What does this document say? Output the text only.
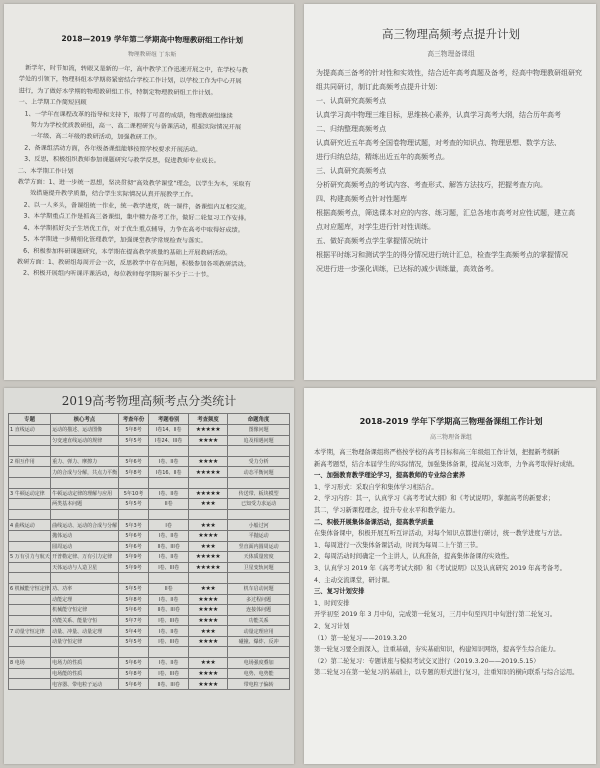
2018—2019 学年第二学期高中物理教研组工作计划
物理教研组 丁东斯

　新学年，时节如流，转眼又是新的一年，高中教学工作迅速开展之中，在学校与教

学处的引领下，物理科组本学期将紧密结合学校工作计划，以学校工作为中心开展

进行，为了做好本学期的物理教研组工作，特制定物理教研组工作计划。

一、上学期工作简短回顾

　1、一学年在课程改革的指导和支持下，取得了可喜的成绩，物理教研组继续

　　努力为学校优质教研组，高一、高二课程研究与备课活动，根据实际情况开展

　　一年级、高二年级的教研活动，加强教研工作。

　2、备课组活动方面，各年级备课组能够按照学校要求开展活动。

　3、反思，积极组织教师参加课题研究与教学反思，促进教师专业成长。

二、本学期工作计划

教学方面：1、进一步统一思想，坚决贯彻“高效教学课堂”理念，以学生为本，采取有

　　效措施提升教学质量，结合学生实际情况认真开展教学工作。

　2、以一人多头，备课组统一作业，统一教学进度，统一课件，备课组内互相交流。

　3、本学期重点工作是抓高三备课组，集中精力备考工作，做好二轮复习工作安排。

　4、本学期抓好尖子生培优工作，对于优生重点辅导，力争在高考中取得好成绩。

　5、本学期进一步精细化管理教学，加强课堂教学常规检查与落实。

　6、积极参加科研课题研究，本学期在提高教学质量的基础上开展教研活动。

教研方面：1、教研组每周开会一次，反思教学中存在问题，积极参加各项教研活动。

　2、积极开展组内听课评课活动，每位教师每学期听课不少于二十节。

高三物理高频考点提升计划
高三物理备课组

为提高高三备考的针对性和实效性，结合近年高考真题及备考，经高中物理教研组研究

组共同研讨，制订此高频考点提升计划：

一、认真研究高频考点

认真学习高中物理三维目标，思维核心素养，认真学习高考大纲，结合历年高考

二、归纳整理高频考点

认真研究近五年高考全国卷物理试题，对考查的知识点、物理思想、数学方法、

进行归纳总结，精练出近五年的高频考点。

三、认真研究高频考点

分析研究高频考点的考试内容、考查形式、解答方法技巧，把握考查方向。

四、构建高频考点针对性题库

根据高频考点，筛选课本对应的内容、练习题，汇总各地市高考对应性试题，建立高

点对应题库，对学生进行针对性训练。

五、做好高频考点学生掌握情况统计

根据平时练习和测试学生的得分情况进行统计汇总，检查学生高频考点的掌握情况

况进行进一步强化训练，已达标的减少训练量，高效备考。

2019高考物理高频考点分类统计
专题	核心考点	考查年份	考题卷别	考查频度	命题角度
1 直线运动	运动的描述、运动图像	5年8考	I卷14、II卷	★★★★★	图像问题
	匀变速直线运动的规律	5年5考	I卷24、III卷	★★★★	追及相遇问题

2 相互作用	重力、弹力、摩擦力	5年6考	I卷、II卷	★★★★	受力分析
	力的合成与分解，共点力平衡	5年8考	I卷16、II卷	★★★★★	动态平衡问题

3 牛顿运动定律	牛顿运动定律的理解与应用	5年10考	I卷、II卷	★★★★★	传送带、板块模型
	两类基本问题	5年5考	II卷	★★★	已知受力求运动

4 曲线运动	曲线运动、运动的合成与分解	5年3考	I卷	★★★	小船过河
	抛体运动	5年6考	I卷、II卷	★★★★	平抛运动
	圆周运动	5年6考	II卷、III卷	★★★	竖直面内圆周运动
5 万有引力与航天	开普勒定律、万有引力定律	5年9考	I卷、II卷	★★★★★	天体质量密度
	天体运动与人造卫星	5年9考	I卷、III卷	★★★★★	卫星变轨问题

6 机械能守恒定律	功、功率	5年5考	II卷	★★★	机车启动问题
	动能定理	5年8考	I卷、II卷	★★★★	多过程问题
	机械能守恒定律	5年6考	II卷、III卷	★★★★	连接体问题
	功能关系、能量守恒	5年7考	I卷、III卷	★★★★	功能关系
7 动量守恒定律	动量、冲量、动量定理	5年4考	I卷、II卷	★★★	动量定理应用
	动量守恒定律	5年5考	I卷、III卷	★★★★	碰撞、爆炸、反冲

8 电场	电场力的性质	5年6考	I卷、II卷	★★★	电场强度叠加
	电场能的性质	5年8考	I卷、III卷	★★★★	电势、电势能
	电容器、带电粒子运动	5年6考	II卷、III卷	★★★★	带电粒子偏转
2018-2019 学年下学期高三物理备课组工作计划
高三物理备课组

本学期，高三物理备课组将严格按学校的高考目标和高三年级组工作计划，把握新考纲新

新高考题型，结合本届学生的实际情况，加强集体备课，提高复习效率，力争高考取得好成绩。

一、加强教育教学理论学习，提高教师的专业综合素养

1、学习形式：采取自学和集体学习相结合。

2、学习内容：其一，认真学习《高考考试大纲》和《考试说明》，掌握高考的新要求；

其二，学习新课程理念，提升专业水平和教学能力。

二、积极开展集体备课活动，提高教学质量

在集体备课中，积极开展互听互评活动，对每个知识点都进行研讨，统一教学进度与方法。

1、每周进行一次集体备课活动，时间为每周二上午第三节。

2、每周活动时间确定一个主讲人，认真准备，提高集体备课的实效性。

3、认真学习 2019 年《高考考试大纲》和《考试说明》以及认真研究 2019 年高考备考。

4、主动交流课堂，研讨课。

三、复习计划安排

1、时间安排

开学初至 2019 年 3 月中旬，完成第一轮复习，三月中旬至四月中旬进行第二轮复习。

2、复习计划

（1）第一轮复习——2019.3.20

第一轮复习要全面深入，注重基础，夯实基础知识，构建知识网络，提高学生综合能力。

（2）第二轮复习：专题讲座与模拟考试交叉进行（2019.3.20——2019.5.15）

第二轮复习在第一轮复习的基础上，以专题的形式进行复习，注重知识的横向联系与综合运用。
